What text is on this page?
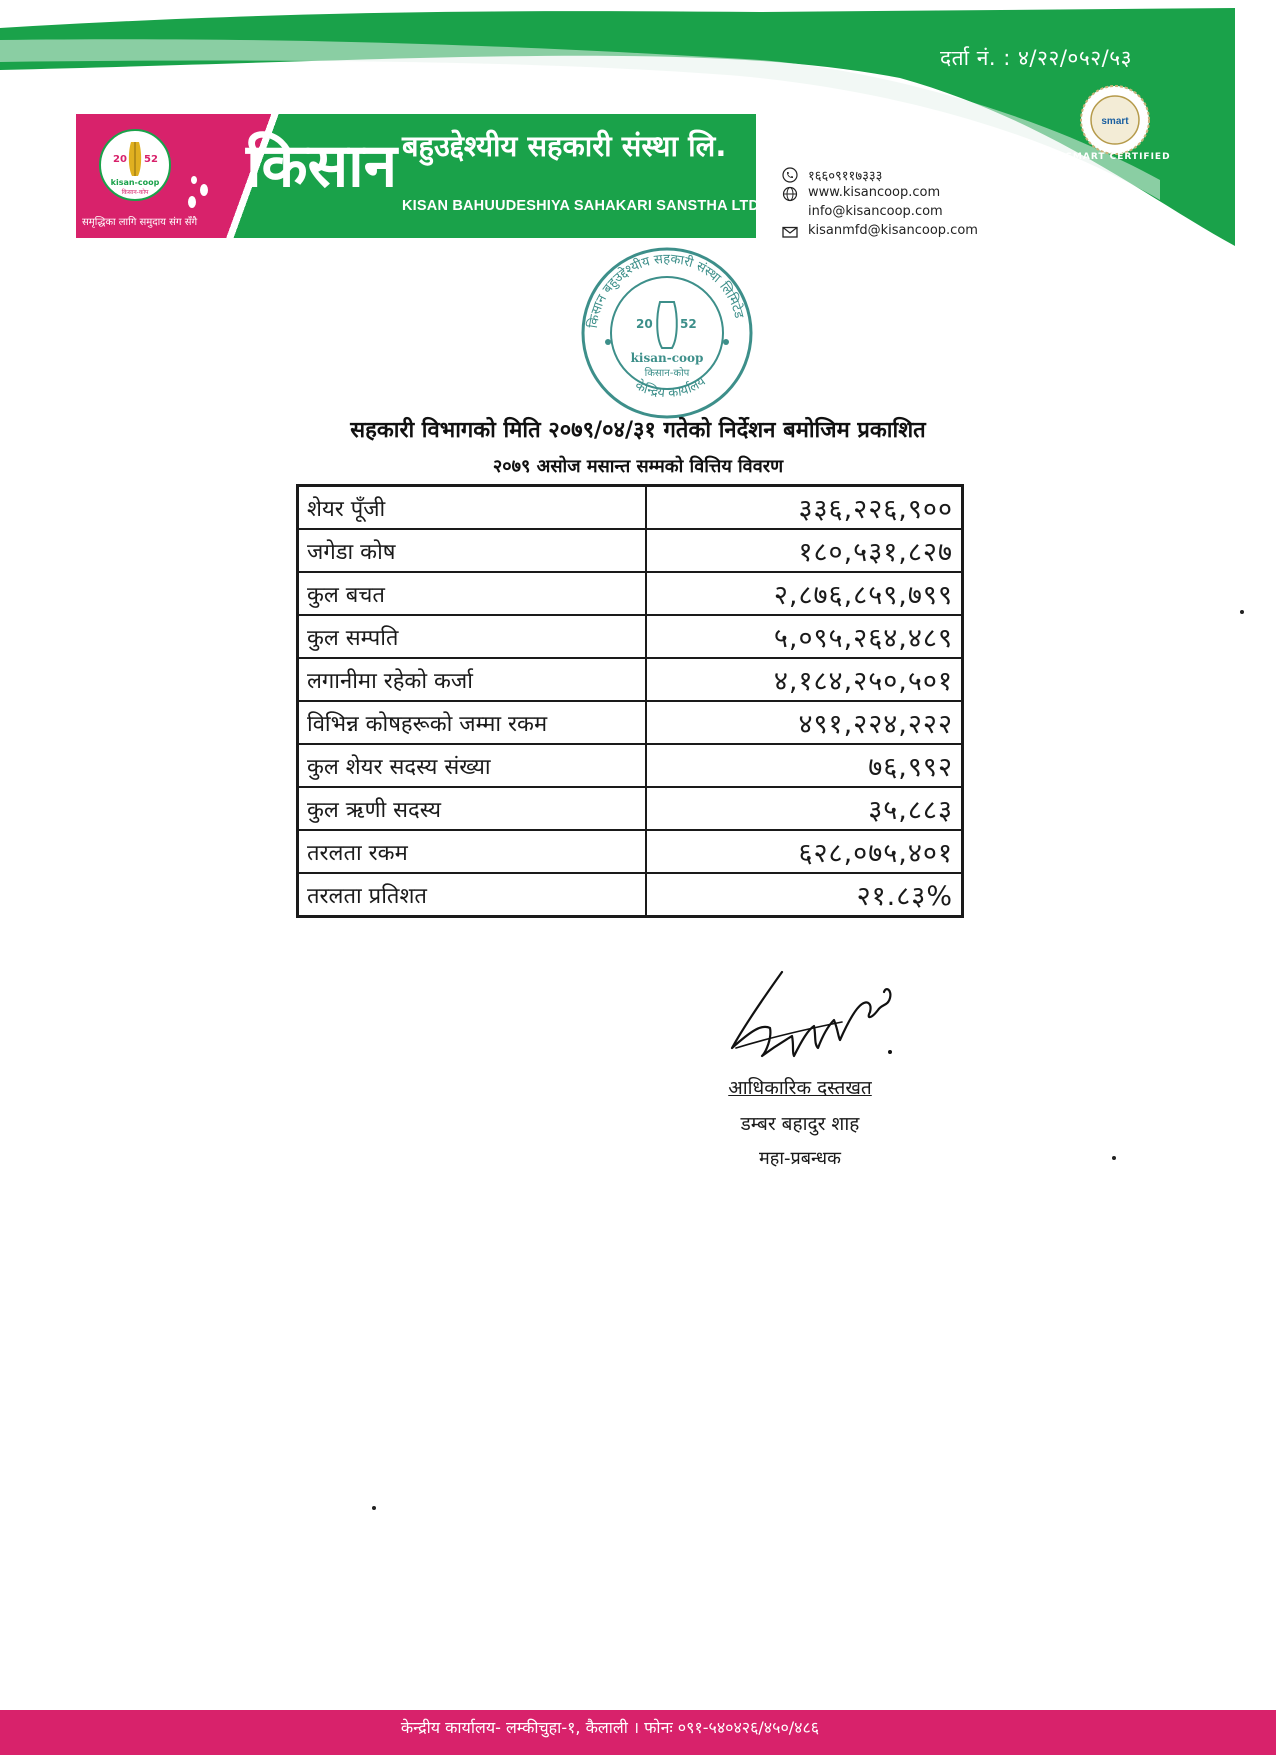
दर्ता नं. : ४/२२/०५२/५३
smart
SMART CERTIFIED
20 52
kisan-coop
किसान-कोप
समृद्धिका लागि समुदाय संग सँगै
किसान बहुउद्देश्यीय सहकारी संस्था लि.
KISAN BAHUUDESHIYA SAHAKARI SANSTHA LTD.
१६६०९११७३३३
www.kisancoop.com
info@kisancoop.com
kisanmfd@kisancoop.com
किसान बहुउद्देश्यीय सहकारी संस्था लिमिटेड
केन्द्रिय कार्यालय
20 52
kisan-coop
किसान-कोप
सहकारी विभागको मिति २०७९/०४/३१ गतेको निर्देशन बमोजिम प्रकाशित
२०७९ असोज मसान्त सम्मको वित्तिय विवरण
शेयर पूँजी	३३६,२२६,९००
जगेडा कोष	१८०,५३१,८२७
कुल बचत	२,८७६,८५९,७९९
कुल सम्पति	५,०९५,२६४,४८९
लगानीमा रहेको कर्जा	४,१८४,२५०,५०१
विभिन्न कोषहरूको जम्मा रकम	४९१,२२४,२२२
कुल शेयर सदस्य संख्या	७६,९९२
कुल ऋणी सदस्य	३५,८८३
तरलता रकम	६२८,०७५,४०१
तरलता प्रतिशत	२१.८३%
आधिकारिक दस्तखत
डम्बर बहादुर शाह
महा-प्रबन्धक
केन्द्रीय कार्यालय- लम्कीचुहा-१, कैलाली । फोनः ०९१-५४०४२६/४५०/४८६
